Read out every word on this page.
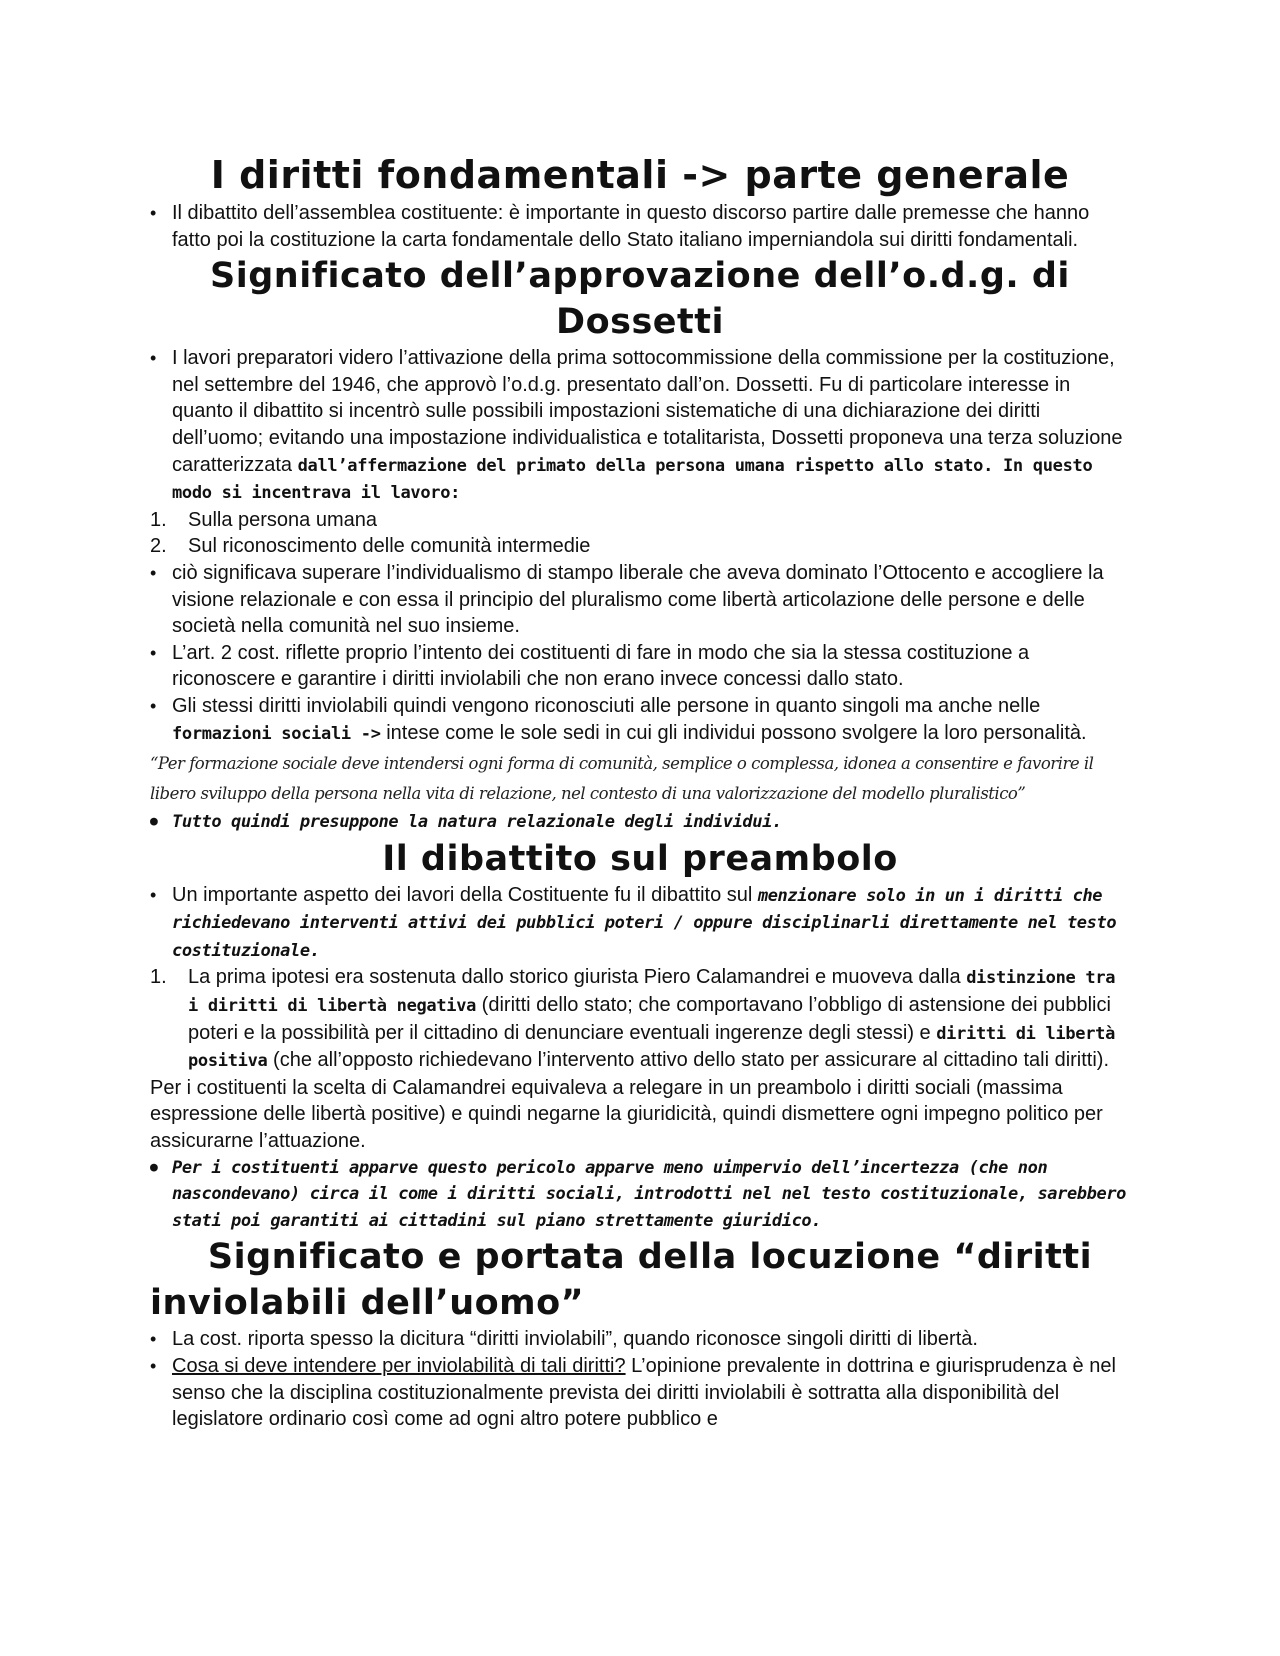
I diritti fondamentali -> parte generale
• Il dibattito dell’assemblea costituente: è importante in questo discorso partire dalle premesse che hanno fatto poi la costituzione la carta fondamentale dello Stato italiano imperniandola sui diritti fondamentali.
Significato dell’approvazione dell’o.d.g. di Dossetti
• I lavori preparatori videro l’attivazione della prima sottocommissione della commissione per la costituzione, nel settembre del 1946, che approvò l’o.d.g. presentato dall’on. Dossetti. Fu di particolare interesse in quanto il dibattito si incentrò sulle possibili impostazioni sistematiche di una dichiarazione dei diritti dell’uomo; evitando una impostazione individualistica e totalitarista, Dossetti proponeva una terza soluzione caratterizzata dall’affermazione del primato della persona umana rispetto allo stato. In questo modo si incentrava il lavoro:
1. Sulla persona umana
2. Sul riconoscimento delle comunità intermedie
• ciò significava superare l’individualismo di stampo liberale che aveva dominato l’Ottocento e accogliere la visione relazionale e con essa il principio del pluralismo come libertà articolazione delle persone e delle società nella comunità nel suo insieme.
• L’art. 2 cost. riflette proprio l’intento dei costituenti di fare in modo che sia la stessa costituzione a riconoscere e garantire i diritti inviolabili che non erano invece concessi dallo stato.
• Gli stessi diritti inviolabili quindi vengono riconosciuti alle persone in quanto singoli ma anche nelle formazioni sociali -> intese come le sole sedi in cui gli individui possono svolgere la loro personalità.

“Per formazione sociale deve intendersi ogni forma di comunità, semplice o complessa, idonea a consentire e favorire il libero sviluppo della persona nella vita di relazione, nel contesto di una valorizzazione del modello pluralistico”

● Tutto quindi presuppone la natura relazionale degli individui.
Il dibattito sul preambolo
• Un importante aspetto dei lavori della Costituente fu il dibattito sul menzionare solo in un i diritti che richiedevano interventi attivi dei pubblici poteri / oppure disciplinarli direttamente nel testo costituzionale.
1. La prima ipotesi era sostenuta dallo storico giurista Piero Calamandrei e muoveva dalla distinzione tra i diritti di libertà negativa (diritti dello stato; che comportavano l’obbligo di astensione dei pubblici poteri e la possibilità per il cittadino di denunciare eventuali ingerenze degli stessi) e diritti di libertà positiva (che all’opposto richiedevano l’intervento attivo dello stato per assicurare al cittadino tali diritti).

Per i costituenti la scelta di Calamandrei equivaleva a relegare in un preambolo i diritti sociali (massima espressione delle libertà positive) e quindi negarne la giuridicità, quindi dismettere ogni impegno politico per assicurarne l’attuazione.

● Per i costituenti apparve questo pericolo apparve meno uimpervio dell’incertezza (che non nascondevano) circa il come i diritti sociali, introdotti nel nel testo costituzionale, sarebbero stati poi garantiti ai cittadini sul piano strettamente giuridico.
Significato e portata della locuzione “diritti
inviolabili dell’uomo”
• La cost. riporta spesso la dicitura “diritti inviolabili”, quando riconosce singoli diritti di libertà.
• Cosa si deve intendere per inviolabilità di tali diritti? L’opinione prevalente in dottrina e giurisprudenza è nel senso che la disciplina costituzionalmente prevista dei diritti inviolabili è sottratta alla disponibilità del legislatore ordinario così come ad ogni altro potere pubblico e
